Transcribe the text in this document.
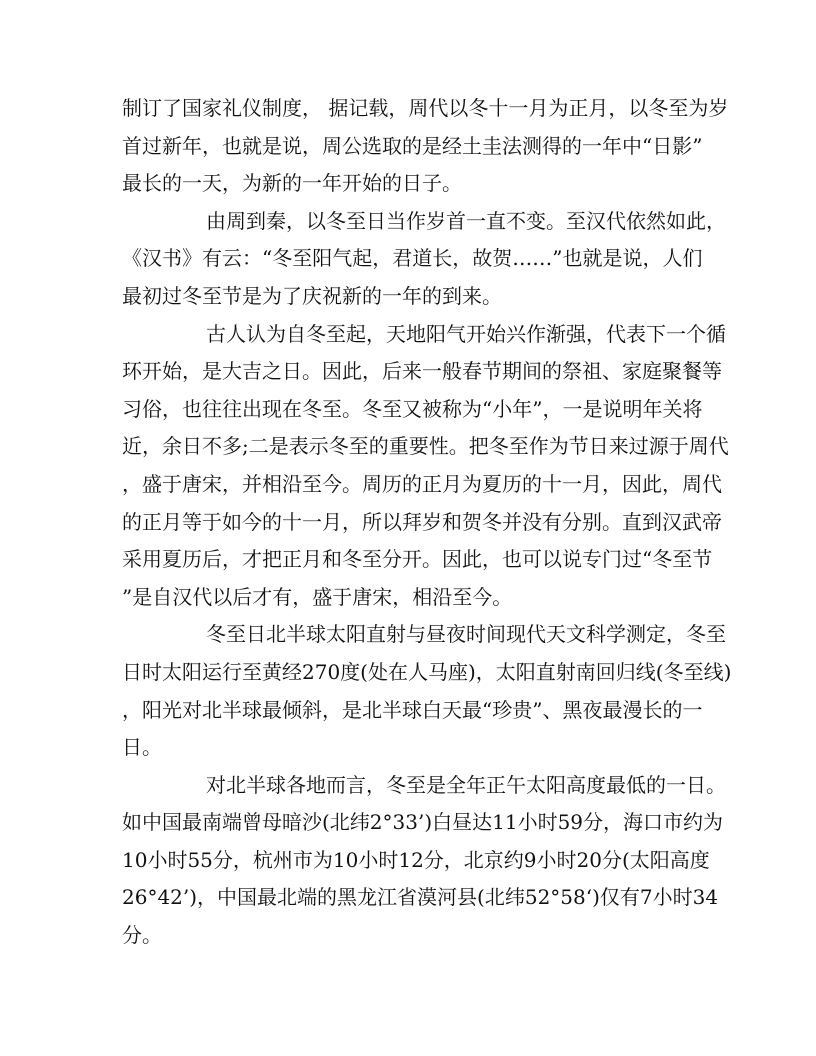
制订了国家礼仪制度， 据记载，周代以冬十一月为正月，以冬至为岁
首过新年，也就是说，周公选取的是经土圭法测得的一年中“日影”
最长的一天，为新的一年开始的日子。
由周到秦，以冬至日当作岁首一直不变。至汉代依然如此，
《汉书》有云：“冬至阳气起，君道长，故贺……”也就是说，人们
最初过冬至节是为了庆祝新的一年的到来。
古人认为自冬至起，天地阳气开始兴作渐强，代表下一个循
环开始，是大吉之日。因此，后来一般春节期间的祭祖、家庭聚餐等
习俗，也往往出现在冬至。冬至又被称为“小年”，一是说明年关将
近，余日不多;二是表示冬至的重要性。把冬至作为节日来过源于周代
，盛于唐宋，并相沿至今。周历的正月为夏历的十一月，因此，周代
的正月等于如今的十一月，所以拜岁和贺冬并没有分别。直到汉武帝
采用夏历后，才把正月和冬至分开。因此，也可以说专门过“冬至节
”是自汉代以后才有，盛于唐宋，相沿至今。
冬至日北半球太阳直射与昼夜时间现代天文科学测定，冬至
日时太阳运行至黄经270度(处在人马座)，太阳直射南回归线(冬至线)
，阳光对北半球最倾斜，是北半球白天最“珍贵”、黑夜最漫长的一
日。
对北半球各地而言，冬至是全年正午太阳高度最低的一日。
如中国最南端曾母暗沙(北纬2°33’)白昼达11小时59分，海口市约为
10小时55分，杭州市为10小时12分，北京约9小时20分(太阳高度
26°42’)，中国最北端的黑龙江省漠河县(北纬52°58‘)仅有7小时34
分。
